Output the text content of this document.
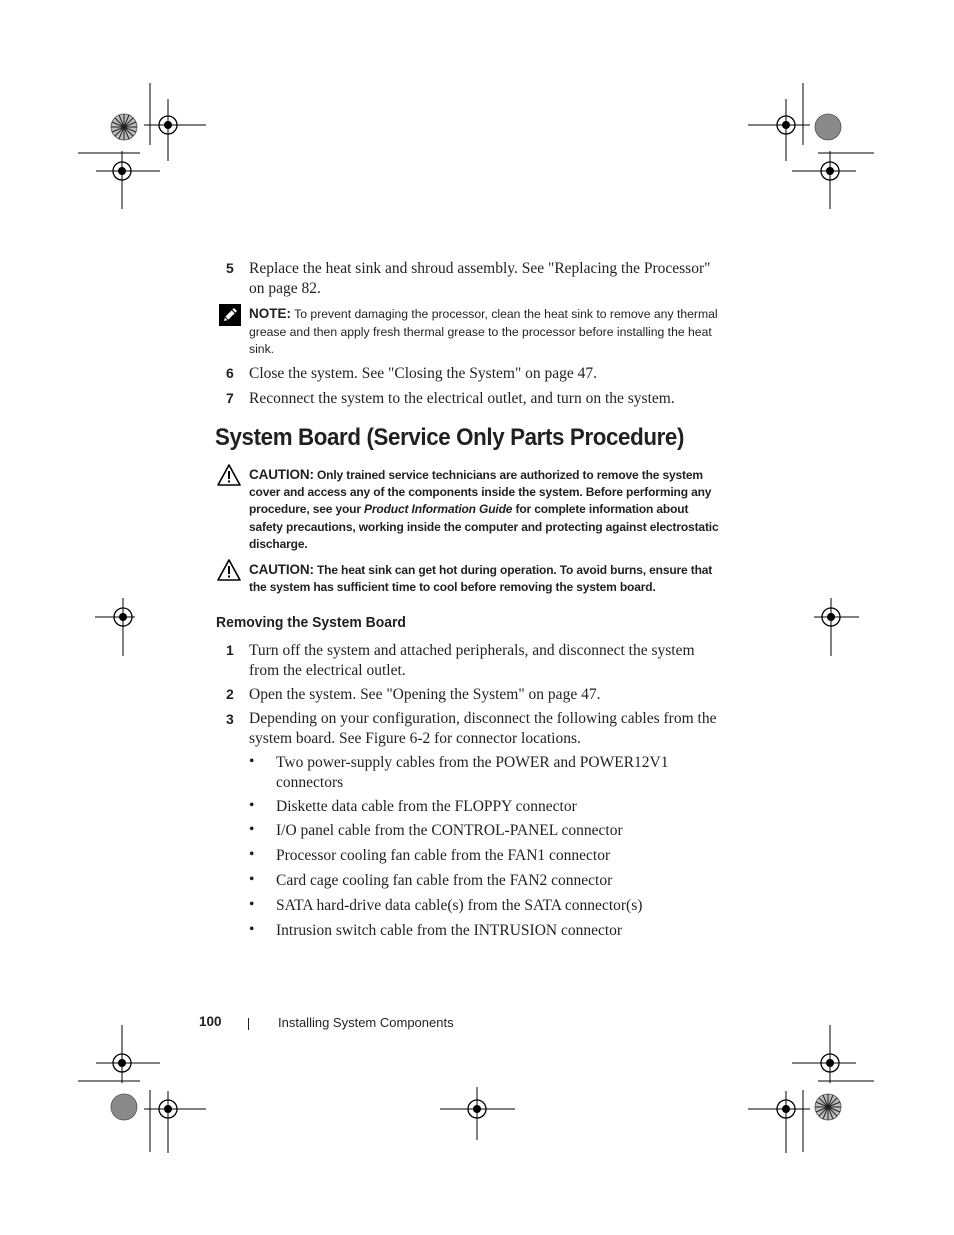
5 Replace the heat sink and shroud assembly. See "Replacing the Processor" on page 82.
NOTE: To prevent damaging the processor, clean the heat sink to remove any thermal grease and then apply fresh thermal grease to the processor before installing the heat sink.
6 Close the system. See "Closing the System" on page 47.
7 Reconnect the system to the electrical outlet, and turn on the system.
System Board (Service Only Parts Procedure)
CAUTION: Only trained service technicians are authorized to remove the system cover and access any of the components inside the system. Before performing any procedure, see your Product Information Guide for complete information about safety precautions, working inside the computer and protecting against electrostatic discharge.
CAUTION: The heat sink can get hot during operation. To avoid burns, ensure that the system has sufficient time to cool before removing the system board.
Removing the System Board
1 Turn off the system and attached peripherals, and disconnect the system from the electrical outlet.
2 Open the system. See "Opening the System" on page 47.
3 Depending on your configuration, disconnect the following cables from the system board. See Figure 6-2 for connector locations.
• Two power-supply cables from the POWER and POWER12V1 connectors
• Diskette data cable from the FLOPPY connector
• I/O panel cable from the CONTROL-PANEL connector
• Processor cooling fan cable from the FAN1 connector
• Card cage cooling fan cable from the FAN2 connector
• SATA hard-drive data cable(s) from the SATA connector(s)
• Intrusion switch cable from the INTRUSION connector
100	Installing System Components
